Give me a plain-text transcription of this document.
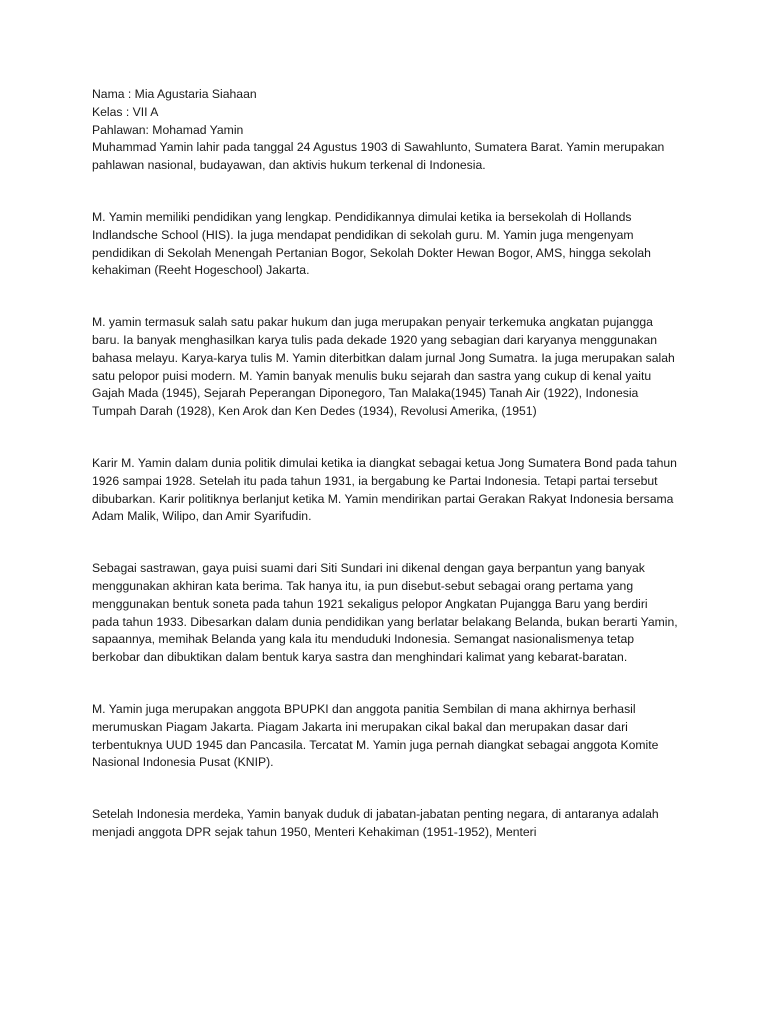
Nama : Mia Agustaria Siahaan

Kelas : VII A

Pahlawan: Mohamad Yamin

Muhammad Yamin lahir pada tanggal 24 Agustus 1903 di Sawahlunto, Sumatera Barat. Yamin merupakan pahlawan nasional, budayawan, dan aktivis hukum terkenal di Indonesia.

M. Yamin memiliki pendidikan yang lengkap. Pendidikannya dimulai ketika ia bersekolah di Hollands Indlandsche School (HIS). Ia juga mendapat pendidikan di sekolah guru. M. Yamin juga mengenyam pendidikan di Sekolah Menengah Pertanian Bogor, Sekolah Dokter Hewan Bogor, AMS, hingga sekolah kehakiman (Reeht Hogeschool) Jakarta.

M. yamin termasuk salah satu pakar hukum dan juga merupakan penyair terkemuka angkatan pujangga baru. Ia banyak menghasilkan karya tulis pada dekade 1920 yang sebagian dari karyanya menggunakan bahasa melayu. Karya-karya tulis M. Yamin diterbitkan dalam jurnal Jong Sumatra. Ia juga merupakan salah satu pelopor puisi modern. M. Yamin banyak menulis buku sejarah dan sastra yang cukup di kenal yaitu Gajah Mada (1945), Sejarah Peperangan Diponegoro, Tan Malaka(1945) Tanah Air (1922), Indonesia Tumpah Darah (1928), Ken Arok dan Ken Dedes (1934), Revolusi Amerika, (1951)

Karir M. Yamin dalam dunia politik dimulai ketika ia diangkat sebagai ketua Jong Sumatera Bond pada tahun 1926 sampai 1928. Setelah itu pada tahun 1931, ia bergabung ke Partai Indonesia. Tetapi partai tersebut dibubarkan. Karir politiknya berlanjut ketika M. Yamin mendirikan partai Gerakan Rakyat Indonesia bersama Adam Malik, Wilipo, dan Amir Syarifudin.

Sebagai sastrawan, gaya puisi suami dari Siti Sundari ini dikenal dengan gaya berpantun yang banyak menggunakan akhiran kata berima. Tak hanya itu, ia pun disebut-sebut sebagai orang pertama yang menggunakan bentuk soneta pada tahun 1921 sekaligus pelopor Angkatan Pujangga Baru yang berdiri pada tahun 1933. Dibesarkan dalam dunia pendidikan yang berlatar belakang Belanda, bukan berarti Yamin, sapaannya, memihak Belanda yang kala itu menduduki Indonesia. Semangat nasionalismenya tetap berkobar dan dibuktikan dalam bentuk karya sastra dan menghindari kalimat yang kebarat-baratan.

M. Yamin juga merupakan anggota BPUPKI dan anggota panitia Sembilan di mana akhirnya berhasil merumuskan Piagam Jakarta. Piagam Jakarta ini merupakan cikal bakal dan merupakan dasar dari terbentuknya UUD 1945 dan Pancasila. Tercatat M. Yamin juga pernah diangkat sebagai anggota Komite Nasional Indonesia Pusat (KNIP).

Setelah Indonesia merdeka, Yamin banyak duduk di jabatan-jabatan penting negara, di antaranya adalah menjadi anggota DPR sejak tahun 1950, Menteri Kehakiman (1951-1952), Menteri
